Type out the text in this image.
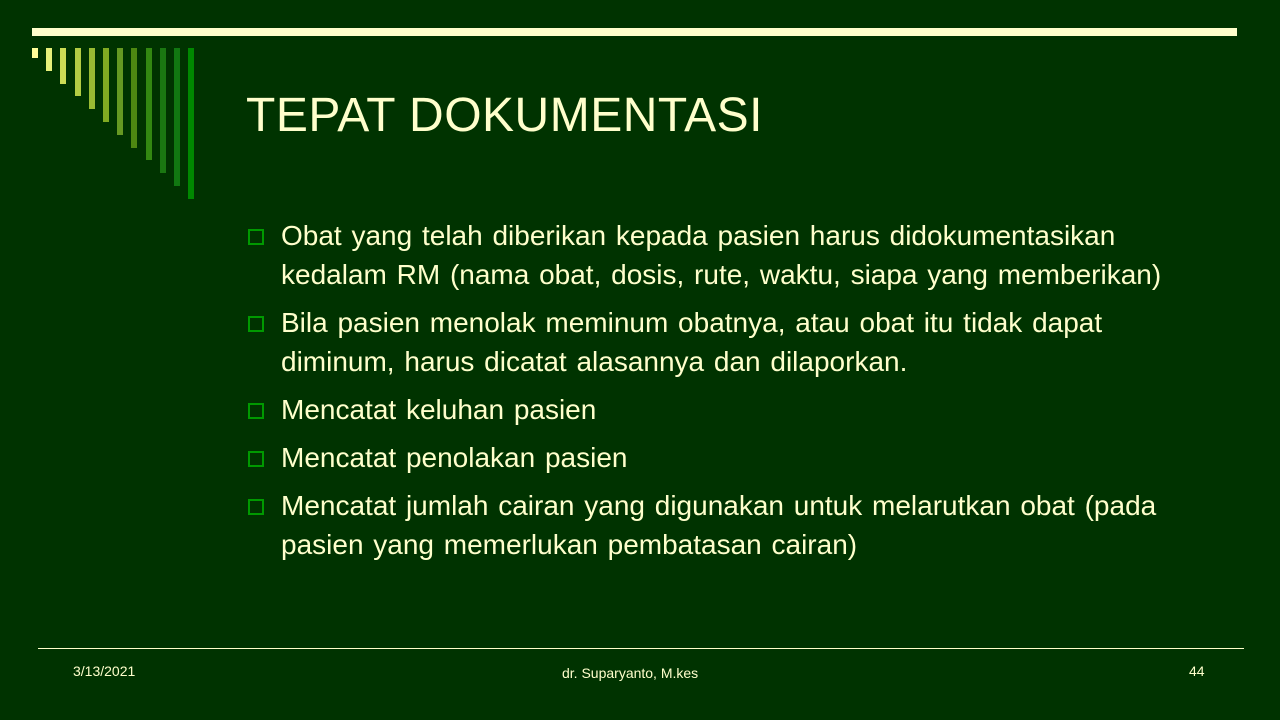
TEPAT DOKUMENTASI
Obat yang telah diberikan kepada pasien harus didokumentasikan kedalam RM (nama obat, dosis, rute, waktu, siapa yang memberikan)
Bila pasien menolak meminum obatnya, atau obat itu tidak dapat diminum, harus dicatat alasannya dan dilaporkan.
Mencatat keluhan pasien
Mencatat penolakan pasien
Mencatat jumlah cairan yang digunakan untuk melarutkan obat (pada pasien yang memerlukan pembatasan cairan)
3/13/2021	dr. Suparyanto, M.kes	44
